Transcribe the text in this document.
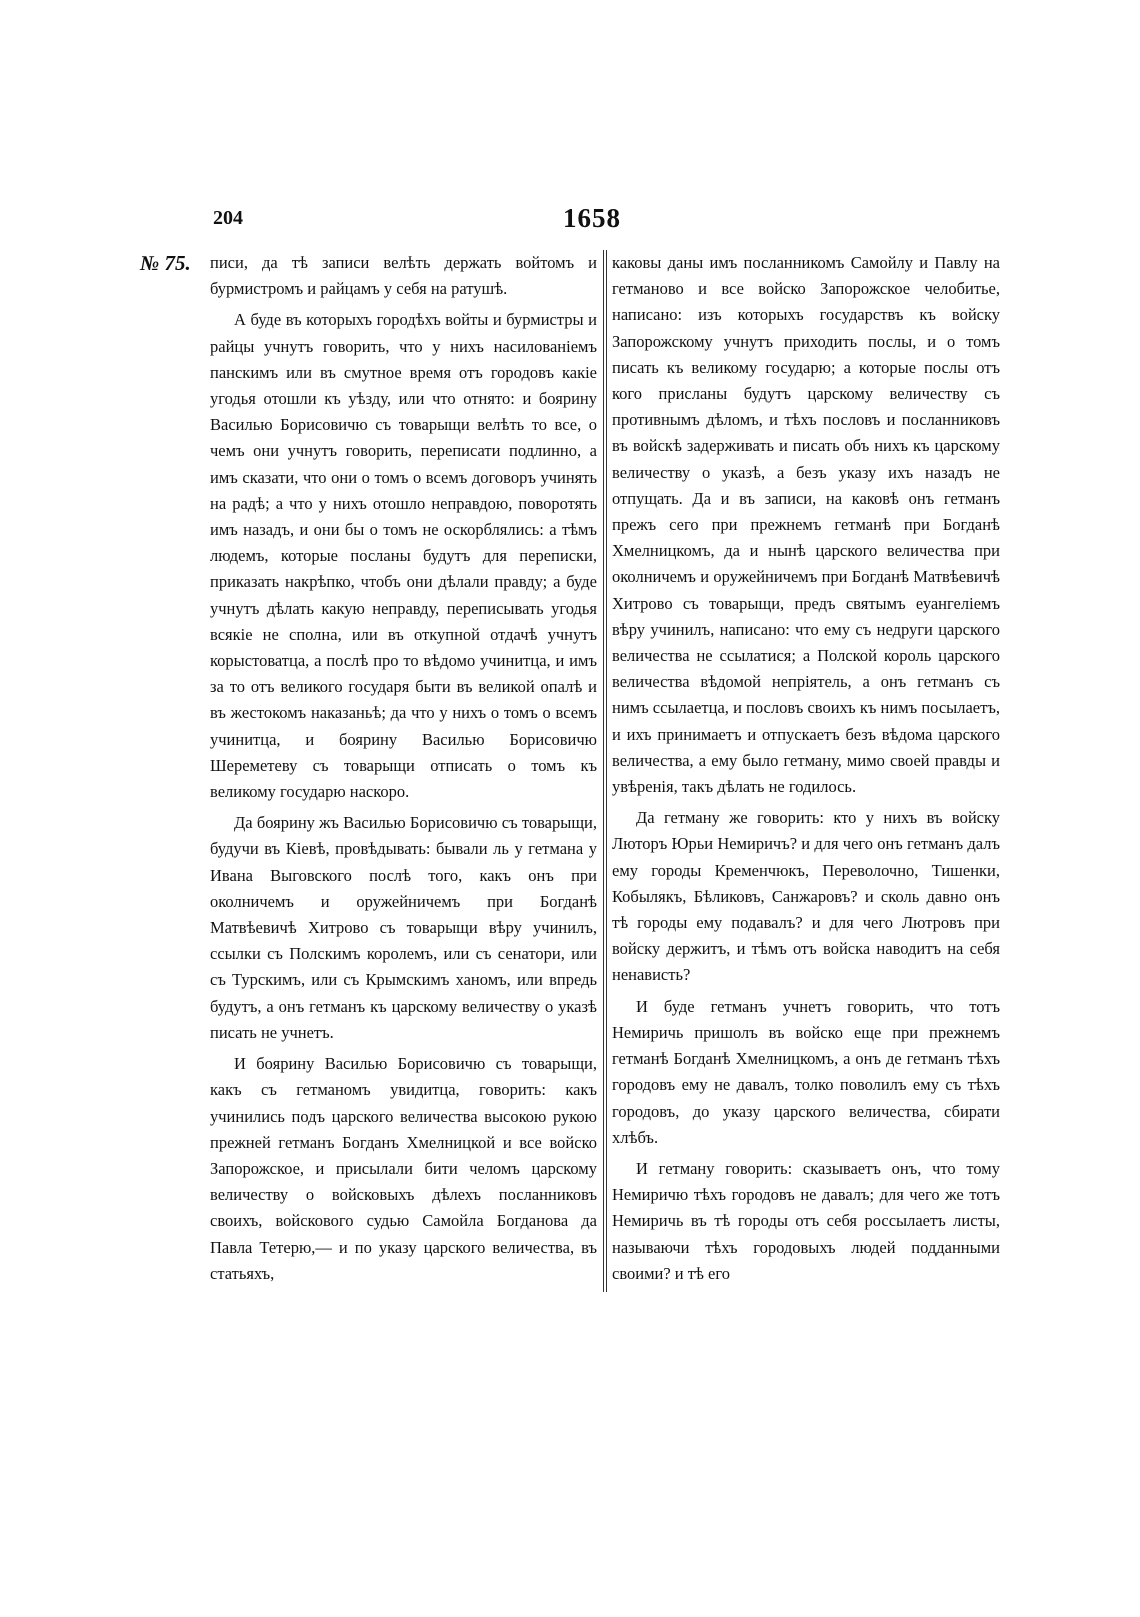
204	1658
№ 75. писи, да тѣ записи велѣть держать войтомъ и бурмистромъ и райцамъ у себя на ратушѣ.

А буде въ которыхъ городѣхъ войты и бурмистры и райцы учнутъ говорить, что у нихъ насилованіемъ панскимъ или въ смутное время отъ городовъ какіе угодья отошли къ уѣзду, или что отнято: и боярину Василью Борисовичю съ товарыщи велѣть то все, о чемъ они учнутъ говорить, переписати подлинно, а имъ сказати, что они о томъ о всемъ договоръ учинять на радѣ; а что у нихъ отошло неправдою, поворотять имъ назадъ, и они бы о томъ не оскорблялись: а тѣмъ людемъ, которые посланы будутъ для переписки, приказать накрѣпко, чтобъ они дѣлали правду; а буде учнутъ дѣлать какую неправду, переписывать угодья всякіе не сполна, или въ откупной отдачѣ учнутъ корыстоватца, а послѣ про то вѣдомо учинитца, и имъ за то отъ великого государя быти въ великой опалѣ и въ жестокомъ наказаньѣ; да что у нихъ о томъ о всемъ учинитца, и боярину Василью Борисовичю Шереметеву съ товарыщи отписать о томъ къ великому государю наскоро.

Да боярину жъ Василью Борисовичю съ товарыщи, будучи въ Кіевѣ, провѣдывать: бывали ль у гетмана у Ивана Выговского послѣ того, какъ онъ при околничемъ и оружейничемъ при Богданѣ Матвѣевичѣ Хитрово съ товарыщи вѣру учинилъ, ссылки съ Полскимъ королемъ, или съ сенатори, или съ Турскимъ, или съ Крымскимъ ханомъ, или впредь будутъ, а онъ гетманъ къ царскому величеству о указѣ писать не учнетъ.

И боярину Василью Борисовичю съ товарыщи, какъ съ гетманомъ увидитца, говорить: какъ учинились подъ царского величества высокою рукою прежней гетманъ Богданъ Хмелницкой и все войско Запорожское, и присылали бити челомъ царскому величеству о войсковыхъ дѣлехъ посланниковъ своихъ, войскового судью Самойла Богданова да Павла Тетерю,— и по указу царского величества, въ статьяхъ,

каковы даны имъ посланникомъ Самойлу и Павлу на гетманово и все войско Запорожское челобитье, написано: изъ которыхъ государствъ къ войску Запорожскому учнутъ приходить послы, и о томъ писать къ великому государю; а которые послы отъ кого присланы будутъ царскому величеству съ противнымъ дѣломъ, и тѣхъ пословъ и посланниковъ въ войскѣ задерживать и писать объ нихъ къ царскому величеству о указѣ, а безъ указу ихъ назадъ не отпущать. Да и въ записи, на каковѣ онъ гетманъ прежъ сего при прежнемъ гетманѣ при Богданѣ Хмелницкомъ, да и нынѣ царского величества при околничемъ и оружейничемъ при Богданѣ Матвѣевичѣ Хитрово съ товарыщи, предъ святымъ еуангеліемъ вѣру учинилъ, написано: что ему съ недруги царского величества не ссылатися; а Полской король царского величества вѣдомой непріятель, а онъ гетманъ съ нимъ ссылаетца, и пословъ своихъ къ нимъ посылаетъ, и ихъ принимаетъ и отпускаетъ безъ вѣдома царского величества, а ему было гетману, мимо своей правды и увѣренія, такъ дѣлать не годилось.

Да гетману же говорить: кто у нихъ въ войску Люторъ Юрьи Немиричъ? и для чего онъ гетманъ далъ ему городы Кременчюкъ, Переволочно, Тишенки, Кобылякъ, Бѣликовъ, Санжаровъ? и сколь давно онъ тѣ городы ему подавалъ? и для чего Лютровъ при войску держитъ, и тѣмъ отъ войска наводитъ на себя ненависть?

И буде гетманъ учнетъ говорить, что тотъ Немиричь пришолъ въ войско еще при прежнемъ гетманѣ Богданѣ Хмелницкомъ, а онъ де гетманъ тѣхъ городовъ ему не давалъ, толко поволилъ ему съ тѣхъ городовъ, до указу царского величества, сбирати хлѣбъ.

И гетману говорить: сказываетъ онъ, что тому Немиричю тѣхъ городовъ не давалъ; для чего же тотъ Немиричь въ тѣ городы отъ себя россылаетъ листы, называючи тѣхъ городовыхъ людей подданными своими? и тѣ его
